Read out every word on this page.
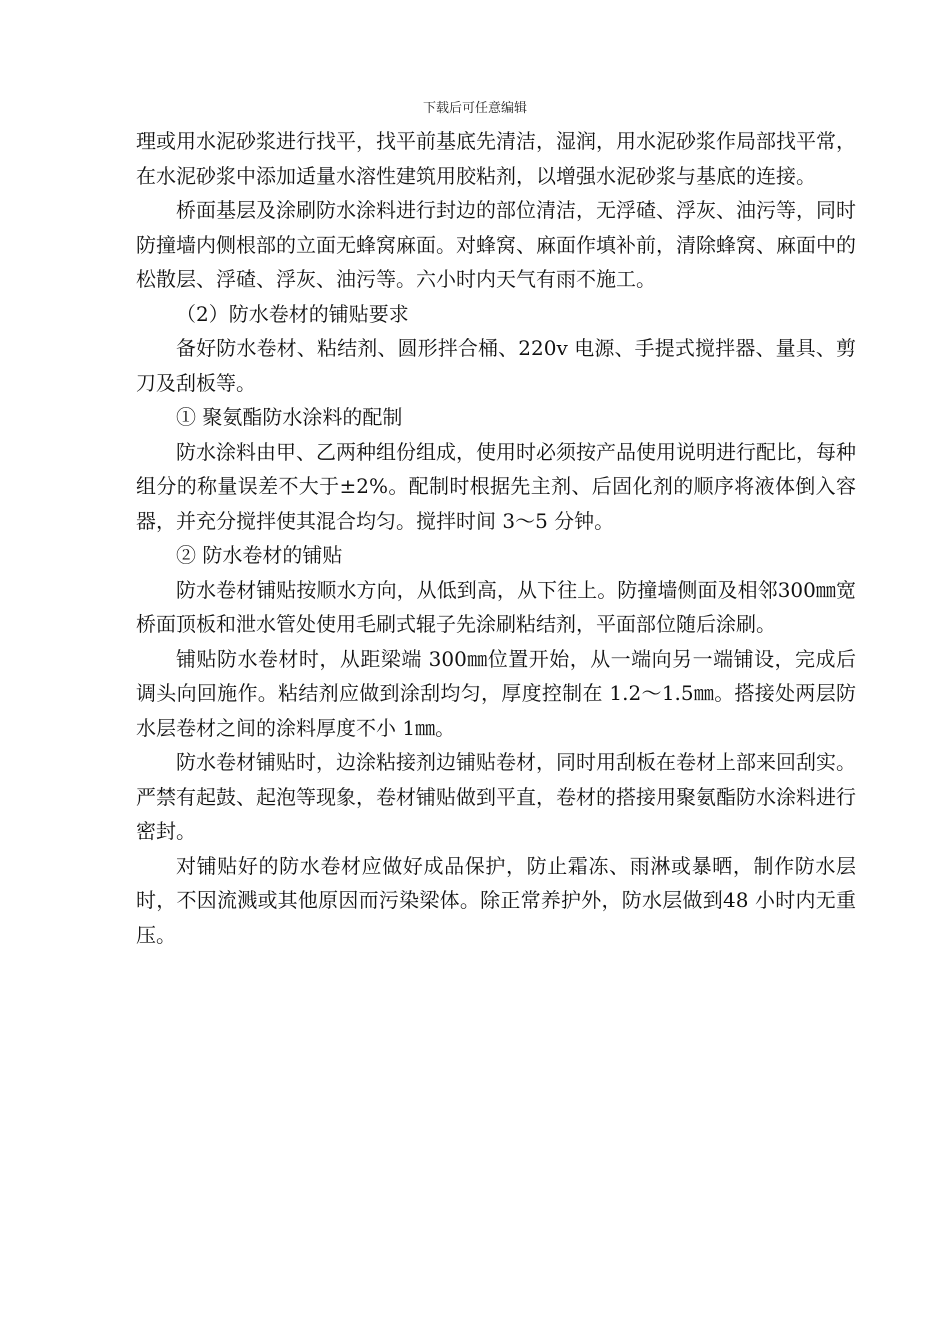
下载后可任意编辑

理或用水泥砂浆进行找平，找平前基底先清洁，湿润，用水泥砂浆作局部找平常，在水泥砂浆中添加适量水溶性建筑用胶粘剂，以增强水泥砂浆与基底的连接。

桥面基层及涂刷防水涂料进行封边的部位清洁，无浮碴、浮灰、油污等，同时防撞墙内侧根部的立面无蜂窝麻面。对蜂窝、麻面作填补前，清除蜂窝、麻面中的松散层、浮碴、浮灰、油污等。六小时内天气有雨不施工。

（2）防水卷材的铺贴要求

备好防水卷材、粘结剂、圆形拌合桶、220v 电源、手提式搅拌器、量具、剪刀及刮板等。

① 聚氨酯防水涂料的配制

防水涂料由甲、乙两种组份组成，使用时必须按产品使用说明进行配比，每种组分的称量误差不大于±2%。配制时根据先主剂、后固化剂的顺序将液体倒入容器，并充分搅拌使其混合均匀。搅拌时间 3～5 分钟。

② 防水卷材的铺贴

防水卷材铺贴按顺水方向，从低到高，从下往上。防撞墙侧面及相邻300㎜宽桥面顶板和泄水管处使用毛刷式辊子先涂刷粘结剂，平面部位随后涂刷。

铺贴防水卷材时，从距梁端 300㎜位置开始，从一端向另一端铺设，完成后调头向回施作。粘结剂应做到涂刮均匀，厚度控制在 1.2～1.5㎜。搭接处两层防水层卷材之间的涂料厚度不小 1㎜。

防水卷材铺贴时，边涂粘接剂边铺贴卷材，同时用刮板在卷材上部来回刮实。严禁有起鼓、起泡等现象，卷材铺贴做到平直，卷材的搭接用聚氨酯防水涂料进行密封。

对铺贴好的防水卷材应做好成品保护，防止霜冻、雨淋或暴晒，制作防水层时，不因流溅或其他原因而污染梁体。除正常养护外，防水层做到48 小时内无重压。
